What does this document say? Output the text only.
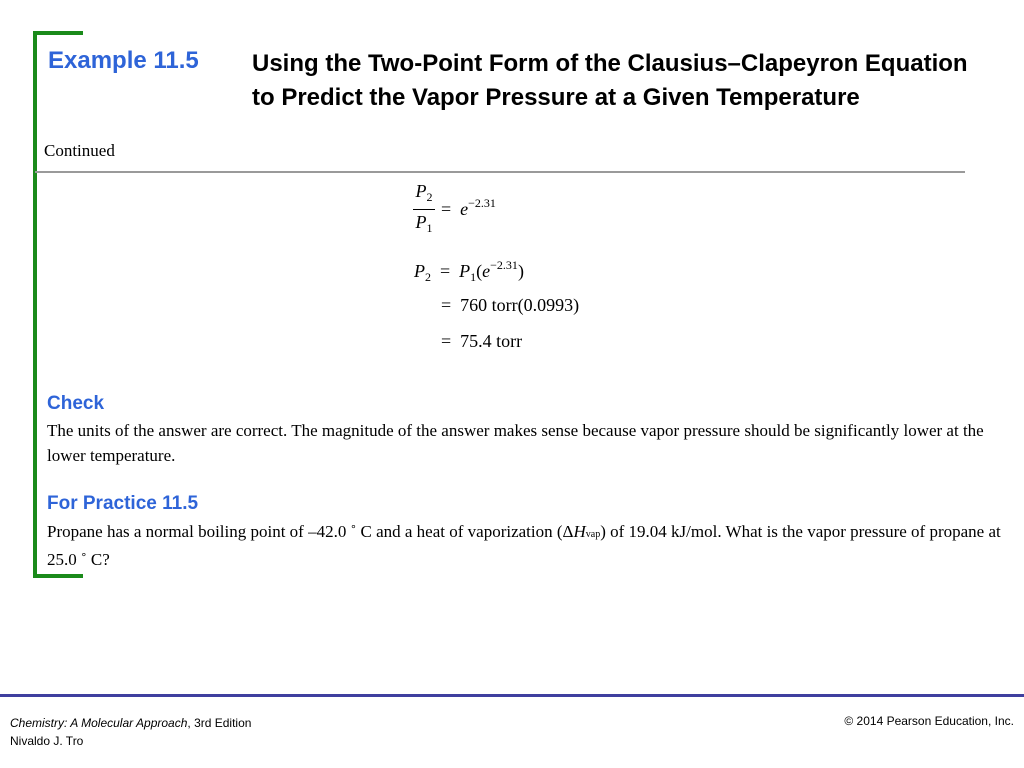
Example 11.5 Using the Two-Point Form of the Clausius–Clapeyron Equation to Predict the Vapor Pressure at a Given Temperature
Continued
$P_2$
$P_1$
= $e^{-2.31}$
$P_2 = P_1(e^{-2.31})$
= 760 torr(0.0993)
= 75.4 torr
Check
The units of the answer are correct. The magnitude of the answer makes sense because vapor pressure should be significantly lower at the lower temperature.
For Practice 11.5
Propane has a normal boiling point of –42.0 ˚ C and a heat of vaporization (ΔHvap) of 19.04 kJ/mol. What is the vapor pressure of propane at 25.0 ˚ C?
Chemistry: A Molecular Approach, 3rd Edition
Nivaldo J. Tro
© 2014 Pearson Education, Inc.
